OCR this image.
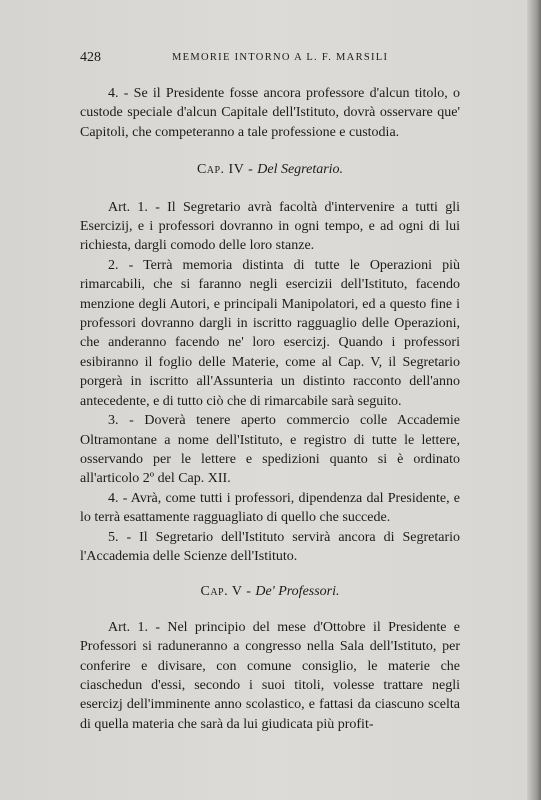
428	MEMORIE INTORNO A L. F. MARSILI

4. - Se il Presidente fosse ancora professore d'alcun titolo, o custode speciale d'alcun Capitale dell'Istituto, dovrà osservare que' Capitoli, che competeranno a tale professione e custodia.

Cap. IV - Del Segretario.

Art. 1. - Il Segretario avrà facoltà d'intervenire a tutti gli Esercizij, e i professori dovranno in ogni tempo, e ad ogni di lui richiesta, dargli comodo delle loro stanze.

2. - Terrà memoria distinta di tutte le Operazioni più rimarcabili, che si faranno negli esercizii dell'Istituto, facendo menzione degli Autori, e principali Manipolatori, ed a questo fine i professori dovranno dargli in iscritto ragguaglio delle Operazioni, che anderanno facendo ne' loro esercizj. Quando i professori esibiranno il foglio delle Materie, come al Cap. V, il Segretario porgerà in iscritto all'Assunteria un distinto racconto dell'anno antecedente, e di tutto ciò che di rimarcabile sarà seguito.

3. - Doverà tenere aperto commercio colle Accademie Oltramontane a nome dell'Istituto, e registro di tutte le lettere, osservando per le lettere e spedizioni quanto si è ordinato all'articolo 2º del Cap. XII.

4. - Avrà, come tutti i professori, dipendenza dal Presidente, e lo terrà esattamente ragguagliato di quello che succede.

5. - Il Segretario dell'Istituto servirà ancora di Segretario l'Accademia delle Scienze dell'Istituto.

Cap. V - De' Professori.

Art. 1. - Nel principio del mese d'Ottobre il Presidente e Professori si raduneranno a congresso nella Sala dell'Istituto, per conferire e divisare, con comune consiglio, le materie che ciaschedun d'essi, secondo i suoi titoli, volesse trattare negli esercizj dell'imminente anno scolastico, e fattasi da ciascuno scelta di quella materia che sarà da lui giudicata più profit-
